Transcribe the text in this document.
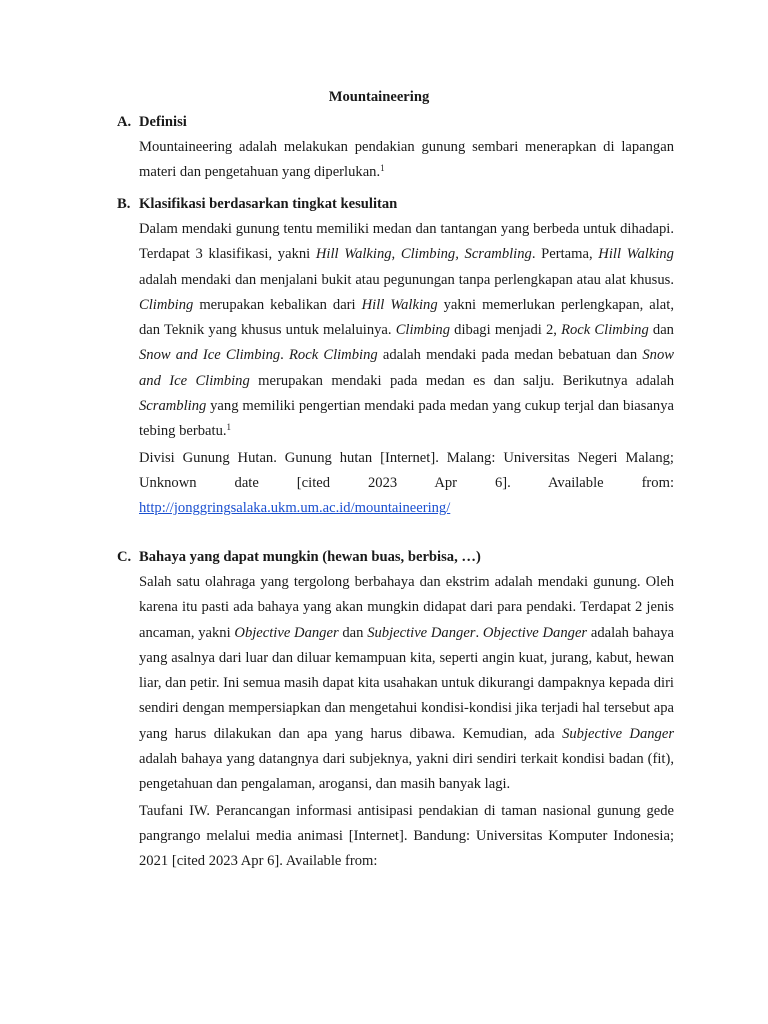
Mountaineering
A. Definisi

Mountaineering adalah melakukan pendakian gunung sembari menerapkan di lapangan materi dan pengetahuan yang diperlukan.$^1$

B. Klasifikasi berdasarkan tingkat kesulitan

Dalam mendaki gunung tentu memiliki medan dan tantangan yang berbeda untuk dihadapi. Terdapat 3 klasifikasi, yakni Hill Walking, Climbing, Scrambling. Pertama, Hill Walking adalah mendaki dan menjalani bukit atau pegunungan tanpa perlengkapan atau alat khusus. Climbing merupakan kebalikan dari Hill Walking yakni memerlukan perlengkapan, alat, dan Teknik yang khusus untuk melaluinya. Climbing dibagi menjadi 2, Rock Climbing dan Snow and Ice Climbing. Rock Climbing adalah mendaki pada medan bebatuan dan Snow and Ice Climbing merupakan mendaki pada medan es dan salju. Berikutnya adalah Scrambling yang memiliki pengertian mendaki pada medan yang cukup terjal dan biasanya tebing berbatu.$^1$

Divisi Gunung Hutan. Gunung hutan [Internet]. Malang: Universitas Negeri Malang; Unknown date [cited 2023 Apr 6]. Available from: http://jonggringsalaka.ukm.um.ac.id/mountaineering/

C. Bahaya yang dapat mungkin (hewan buas, berbisa, …)

Salah satu olahraga yang tergolong berbahaya dan ekstrim adalah mendaki gunung. Oleh karena itu pasti ada bahaya yang akan mungkin didapat dari para pendaki. Terdapat 2 jenis ancaman, yakni Objective Danger dan Subjective Danger. Objective Danger adalah bahaya yang asalnya dari luar dan diluar kemampuan kita, seperti angin kuat, jurang, kabut, hewan liar, dan petir. Ini semua masih dapat kita usahakan untuk dikurangi dampaknya kepada diri sendiri dengan mempersiapkan dan mengetahui kondisi-kondisi jika terjadi hal tersebut apa yang harus dilakukan dan apa yang harus dibawa. Kemudian, ada Subjective Danger adalah bahaya yang datangnya dari subjeknya, yakni diri sendiri terkait kondisi badan (fit), pengetahuan dan pengalaman, arogansi, dan masih banyak lagi.

Taufani IW. Perancangan informasi antisipasi pendakian di taman nasional gunung gede pangrango melalui media animasi [Internet]. Bandung: Universitas Komputer Indonesia; 2021 [cited 2023 Apr 6]. Available from:
